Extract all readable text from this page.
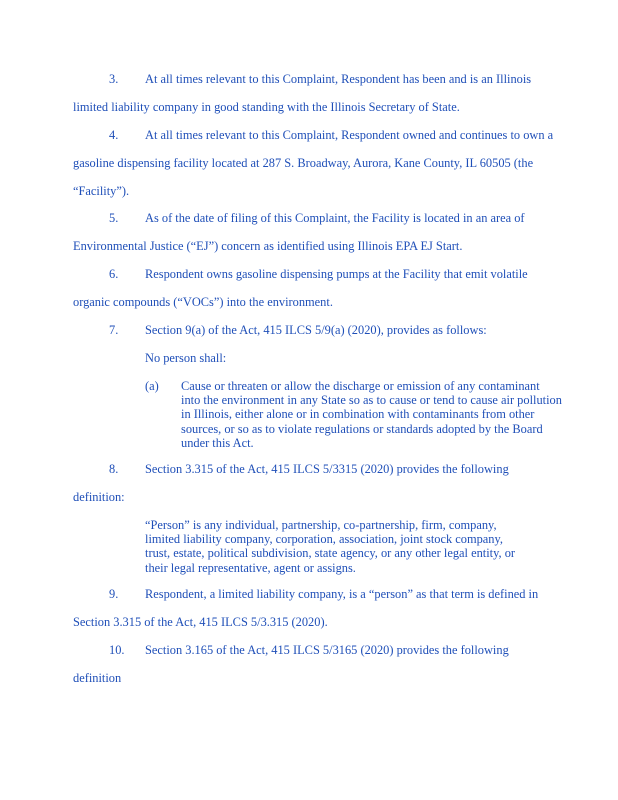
3. At all times relevant to this Complaint, Respondent has been and is an Illinois
limited liability company in good standing with the Illinois Secretary of State.
4. At all times relevant to this Complaint, Respondent owned and continues to own a
gasoline dispensing facility located at 287 S. Broadway, Aurora, Kane County, IL 60505 (the
“Facility”).
5. As of the date of filing of this Complaint, the Facility is located in an area of
Environmental Justice (“EJ”) concern as identified using Illinois EPA EJ Start.
6. Respondent owns gasoline dispensing pumps at the Facility that emit volatile
organic compounds (“VOCs”) into the environment.
7. Section 9(a) of the Act, 415 ILCS 5/9(a) (2020), provides as follows:
No person shall:
(a) Cause or threaten or allow the discharge or emission of any contaminant
into the environment in any State so as to cause or tend to cause air pollution
in Illinois, either alone or in combination with contaminants from other
sources, or so as to violate regulations or standards adopted by the Board
under this Act.
8. Section 3.315 of the Act, 415 ILCS 5/3315 (2020) provides the following
definition:
“Person” is any individual, partnership, co-partnership, firm, company,
limited liability company, corporation, association, joint stock company,
trust, estate, political subdivision, state agency, or any other legal entity, or
their legal representative, agent or assigns.
9. Respondent, a limited liability company, is a “person” as that term is defined in
Section 3.315 of the Act, 415 ILCS 5/3.315 (2020).
10. Section 3.165 of the Act, 415 ILCS 5/3165 (2020) provides the following
definition
